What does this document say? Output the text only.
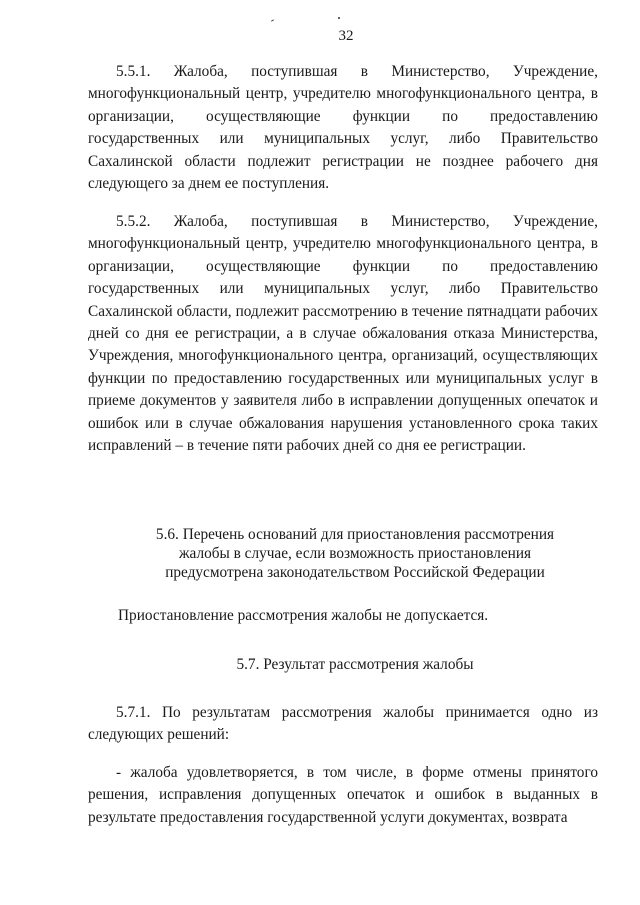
32

5.5.1. Жалоба, поступившая в Министерство, Учреждение, многофункциональный центр, учредителю многофункционального центра, в организации, осуществляющие функции по предоставлению государственных или муниципальных услуг, либо Правительство Сахалинской области подлежит регистрации не позднее рабочего дня следующего за днем ее поступления.

5.5.2. Жалоба, поступившая в Министерство, Учреждение, многофункциональный центр, учредителю многофункционального центра, в организации, осуществляющие функции по предоставлению государственных или муниципальных услуг, либо Правительство Сахалинской области, подлежит рассмотрению в течение пятнадцати рабочих дней со дня ее регистрации, а в случае обжалования отказа Министерства, Учреждения, многофункционального центра, организаций, осуществляющих функции по предоставлению государственных или муниципальных услуг в приеме документов у заявителя либо в исправлении допущенных опечаток и ошибок или в случае обжалования нарушения установленного срока таких исправлений – в течение пяти рабочих дней со дня ее регистрации.

5.6. Перечень оснований для приостановления рассмотрения
жалобы в случае, если возможность приостановления
предусмотрена законодательством Российской Федерации

Приостановление рассмотрения жалобы не допускается.

5.7. Результат рассмотрения жалобы

5.7.1. По результатам рассмотрения жалобы принимается одно из следующих решений:

- жалоба удовлетворяется, в том числе, в форме отмены принятого решения, исправления допущенных опечаток и ошибок в выданных в результате предоставления государственной услуги документах, возврата
